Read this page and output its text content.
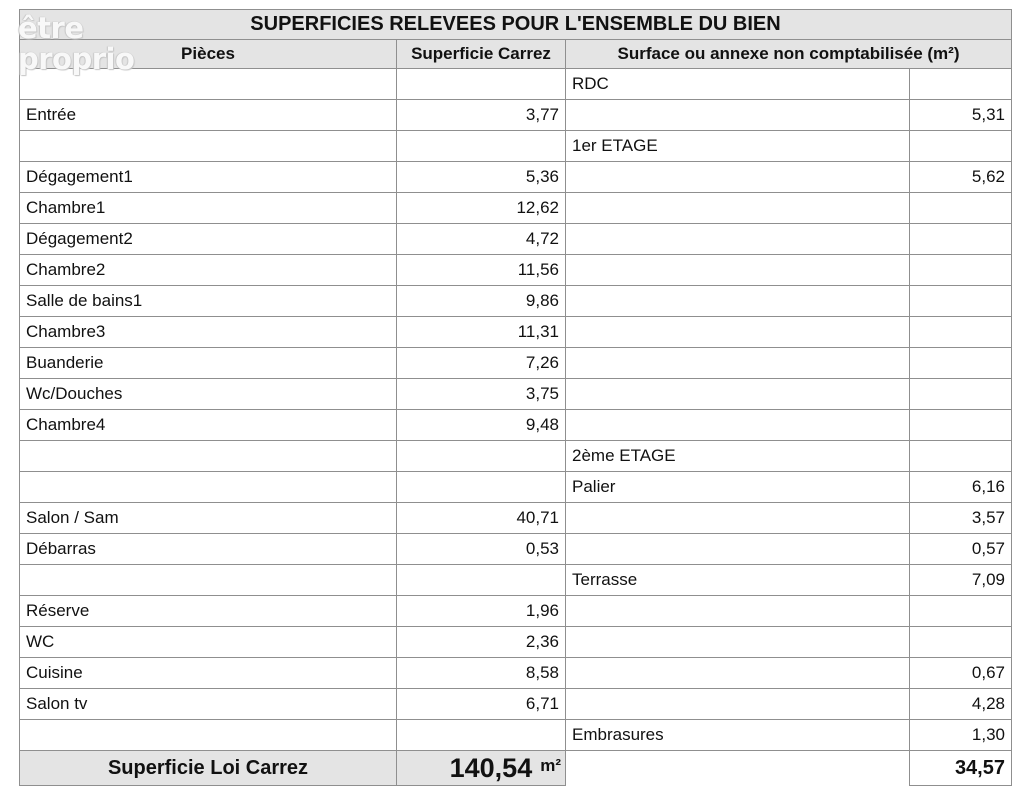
être
proprio
SUPERFICIES RELEVEES POUR L'ENSEMBLE DU BIEN			
Pièces	Superficie Carrez	Surface ou annexe non comptabilisée (m²)	
		RDC	
Entrée	3,77		5,31
		1er ETAGE	
Dégagement1	5,36		5,62
Chambre1	12,62		
Dégagement2	4,72		
Chambre2	11,56		
Salle de bains1	9,86		
Chambre3	11,31		
Buanderie	7,26		
Wc/Douches	3,75		
Chambre4	9,48		
		2ème ETAGE	
		Palier	6,16
Salon / Sam	40,71		3,57
Débarras	0,53		0,57
		Terrasse	7,09
Réserve	1,96		
WC	2,36		
Cuisine	8,58		0,67
Salon tv	6,71		4,28
		Embrasures	1,30
Superficie Loi Carrez	140,54 m²		34,57
